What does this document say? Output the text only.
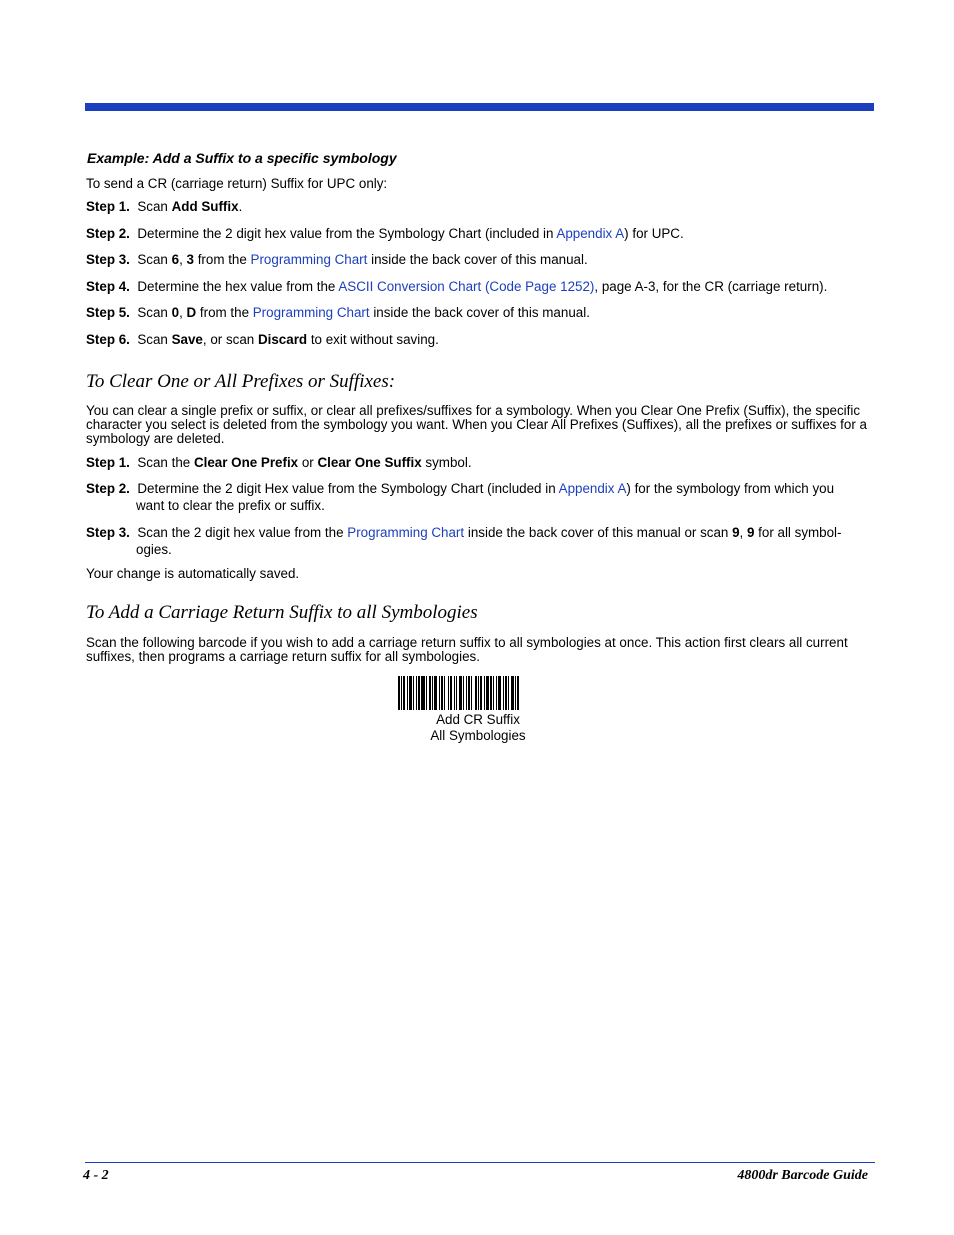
Example: Add a Suffix to a specific symbology
To send a CR (carriage return) Suffix for UPC only:
Step 1. Scan Add Suffix.
Step 2. Determine the 2 digit hex value from the Symbology Chart (included in Appendix A) for UPC.
Step 3. Scan 6, 3 from the Programming Chart inside the back cover of this manual.
Step 4. Determine the hex value from the ASCII Conversion Chart (Code Page 1252), page A-3, for the CR (carriage return).
Step 5. Scan 0, D from the Programming Chart inside the back cover of this manual.
Step 6. Scan Save, or scan Discard to exit without saving.
To Clear One or All Prefixes or Suffixes:
You can clear a single prefix or suffix, or clear all prefixes/suffixes for a symbology. When you Clear One Prefix (Suffix), the specific character you select is deleted from the symbology you want. When you Clear All Prefixes (Suffixes), all the prefixes or suffixes for a symbology are deleted.
Step 1. Scan the Clear One Prefix or Clear One Suffix symbol.
Step 2. Determine the 2 digit Hex value from the Symbology Chart (included in Appendix A) for the symbology from which you
want to clear the prefix or suffix.
Step 3. Scan the 2 digit hex value from the Programming Chart inside the back cover of this manual or scan 9, 9 for all symbol-
ogies.
Your change is automatically saved.
To Add a Carriage Return Suffix to all Symbologies
Scan the following barcode if you wish to add a carriage return suffix to all symbologies at once. This action first clears all current suffixes, then programs a carriage return suffix for all symbologies.
Add CR Suffix
All Symbologies
4 - 2	4800dr Barcode Guide
